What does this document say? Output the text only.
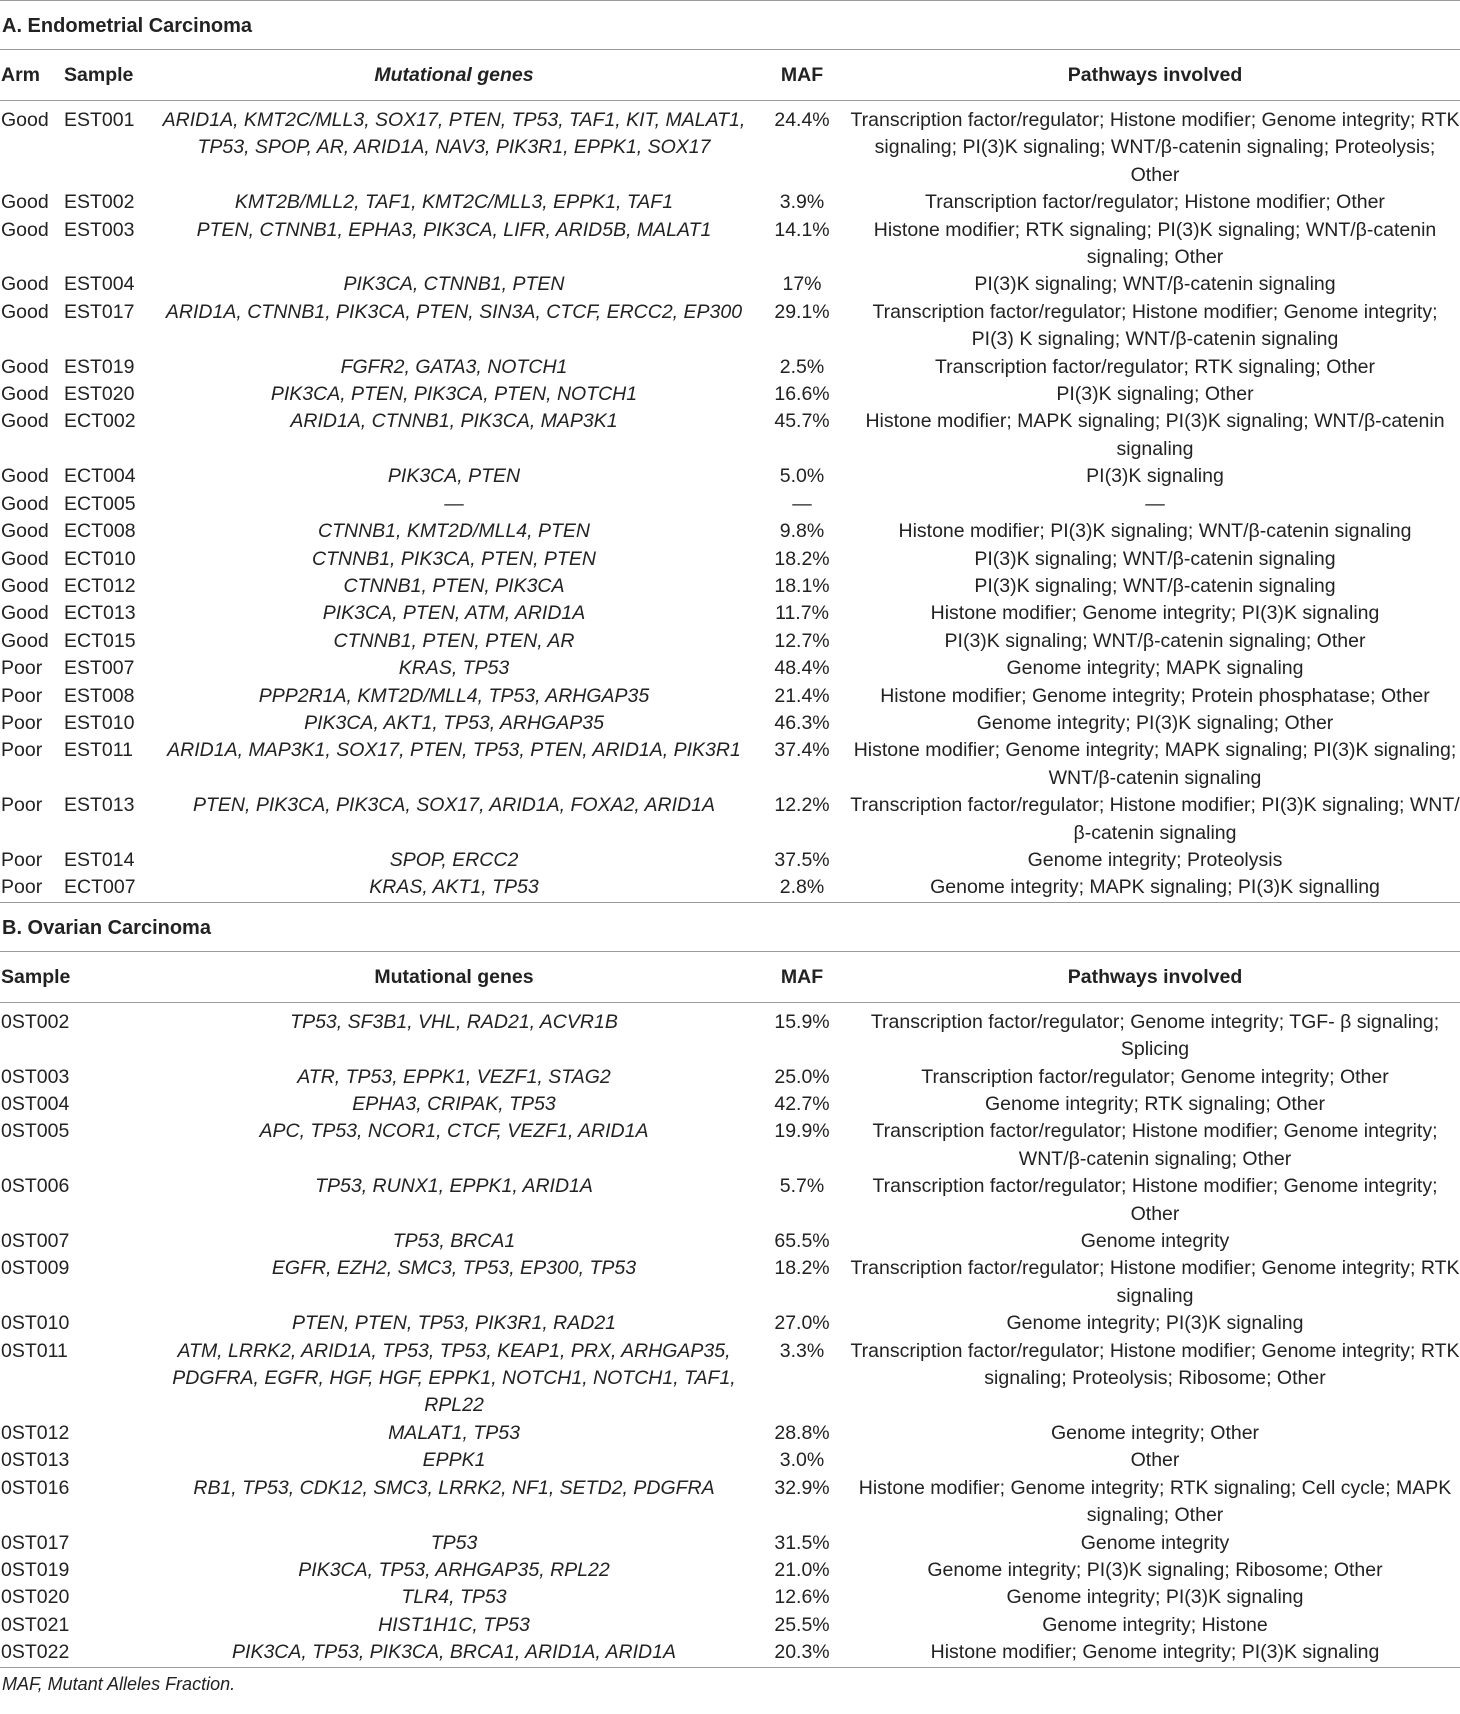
A. Endometrial Carcinoma
Arm	Sample	Mutational genes	MAF	Pathways involved

Good	EST001	ARID1A, KMT2C/MLL3, SOX17, PTEN, TP53, TAF1, KIT, MALAT1, TP53, SPOP, AR, ARID1A, NAV3, PIK3R1, EPPK1, SOX17	24.4%	Transcription factor/regulator; Histone modifier; Genome integrity; RTK signaling; PI(3)K signaling; WNT/β-catenin signaling; Proteolysis; Other
Good	EST002	KMT2B/MLL2, TAF1, KMT2C/MLL3, EPPK1, TAF1	3.9%	Transcription factor/regulator; Histone modifier; Other
Good	EST003	PTEN, CTNNB1, EPHA3, PIK3CA, LIFR, ARID5B, MALAT1	14.1%	Histone modifier; RTK signaling; PI(3)K signaling; WNT/β-catenin signaling; Other
Good	EST004	PIK3CA, CTNNB1, PTEN	17%	PI(3)K signaling; WNT/β-catenin signaling
Good	EST017	ARID1A, CTNNB1, PIK3CA, PTEN, SIN3A, CTCF, ERCC2, EP300	29.1%	Transcription factor/regulator; Histone modifier; Genome integrity; PI(3) K signaling; WNT/β-catenin signaling
Good	EST019	FGFR2, GATA3, NOTCH1	2.5%	Transcription factor/regulator; RTK signaling; Other
Good	EST020	PIK3CA, PTEN, PIK3CA, PTEN, NOTCH1	16.6%	PI(3)K signaling; Other
Good	ECT002	ARID1A, CTNNB1, PIK3CA, MAP3K1	45.7%	Histone modifier; MAPK signaling; PI(3)K signaling; WNT/β-catenin signaling
Good	ECT004	PIK3CA, PTEN	5.0%	PI(3)K signaling
Good	ECT005	—	—	—
Good	ECT008	CTNNB1, KMT2D/MLL4, PTEN	9.8%	Histone modifier; PI(3)K signaling; WNT/β-catenin signaling
Good	ECT010	CTNNB1, PIK3CA, PTEN, PTEN	18.2%	PI(3)K signaling; WNT/β-catenin signaling
Good	ECT012	CTNNB1, PTEN, PIK3CA	18.1%	PI(3)K signaling; WNT/β-catenin signaling
Good	ECT013	PIK3CA, PTEN, ATM, ARID1A	11.7%	Histone modifier; Genome integrity; PI(3)K signaling
Good	ECT015	CTNNB1, PTEN, PTEN, AR	12.7%	PI(3)K signaling; WNT/β-catenin signaling; Other
Poor	EST007	KRAS, TP53	48.4%	Genome integrity; MAPK signaling
Poor	EST008	PPP2R1A, KMT2D/MLL4, TP53, ARHGAP35	21.4%	Histone modifier; Genome integrity; Protein phosphatase; Other
Poor	EST010	PIK3CA, AKT1, TP53, ARHGAP35	46.3%	Genome integrity; PI(3)K signaling; Other
Poor	EST011	ARID1A, MAP3K1, SOX17, PTEN, TP53, PTEN, ARID1A, PIK3R1	37.4%	Histone modifier; Genome integrity; MAPK signaling; PI(3)K signaling; WNT/β-catenin signaling
Poor	EST013	PTEN, PIK3CA, PIK3CA, SOX17, ARID1A, FOXA2, ARID1A	12.2%	Transcription factor/regulator; Histone modifier; PI(3)K signaling; WNT/ β-catenin signaling
Poor	EST014	SPOP, ERCC2	37.5%	Genome integrity; Proteolysis
Poor	ECT007	KRAS, AKT1, TP53	2.8%	Genome integrity; MAPK signaling; PI(3)K signalling
B. Ovarian Carcinoma
Sample	Mutational genes	MAF	Pathways involved

0ST002	TP53, SF3B1, VHL, RAD21, ACVR1B	15.9%	Transcription factor/regulator; Genome integrity; TGF- β signaling; Splicing
0ST003	ATR, TP53, EPPK1, VEZF1, STAG2	25.0%	Transcription factor/regulator; Genome integrity; Other
0ST004	EPHA3, CRIPAK, TP53	42.7%	Genome integrity; RTK signaling; Other
0ST005	APC, TP53, NCOR1, CTCF, VEZF1, ARID1A	19.9%	Transcription factor/regulator; Histone modifier; Genome integrity; WNT/β-catenin signaling; Other
0ST006	TP53, RUNX1, EPPK1, ARID1A	5.7%	Transcription factor/regulator; Histone modifier; Genome integrity; Other
0ST007	TP53, BRCA1	65.5%	Genome integrity
0ST009	EGFR, EZH2, SMC3, TP53, EP300, TP53	18.2%	Transcription factor/regulator; Histone modifier; Genome integrity; RTK signaling
0ST010	PTEN, PTEN, TP53, PIK3R1, RAD21	27.0%	Genome integrity; PI(3)K signaling
0ST011	ATM, LRRK2, ARID1A, TP53, TP53, KEAP1, PRX, ARHGAP35, PDGFRA, EGFR, HGF, HGF, EPPK1, NOTCH1, NOTCH1, TAF1, RPL22	3.3%	Transcription factor/regulator; Histone modifier; Genome integrity; RTK signaling; Proteolysis; Ribosome; Other
0ST012	MALAT1, TP53	28.8%	Genome integrity; Other
0ST013	EPPK1	3.0%	Other
0ST016	RB1, TP53, CDK12, SMC3, LRRK2, NF1, SETD2, PDGFRA	32.9%	Histone modifier; Genome integrity; RTK signaling; Cell cycle; MAPK signaling; Other
0ST017	TP53	31.5%	Genome integrity
0ST019	PIK3CA, TP53, ARHGAP35, RPL22	21.0%	Genome integrity; PI(3)K signaling; Ribosome; Other
0ST020	TLR4, TP53	12.6%	Genome integrity; PI(3)K signaling
0ST021	HIST1H1C, TP53	25.5%	Genome integrity; Histone
0ST022	PIK3CA, TP53, PIK3CA, BRCA1, ARID1A, ARID1A	20.3%	Histone modifier; Genome integrity; PI(3)K signaling
MAF, Mutant Alleles Fraction.
